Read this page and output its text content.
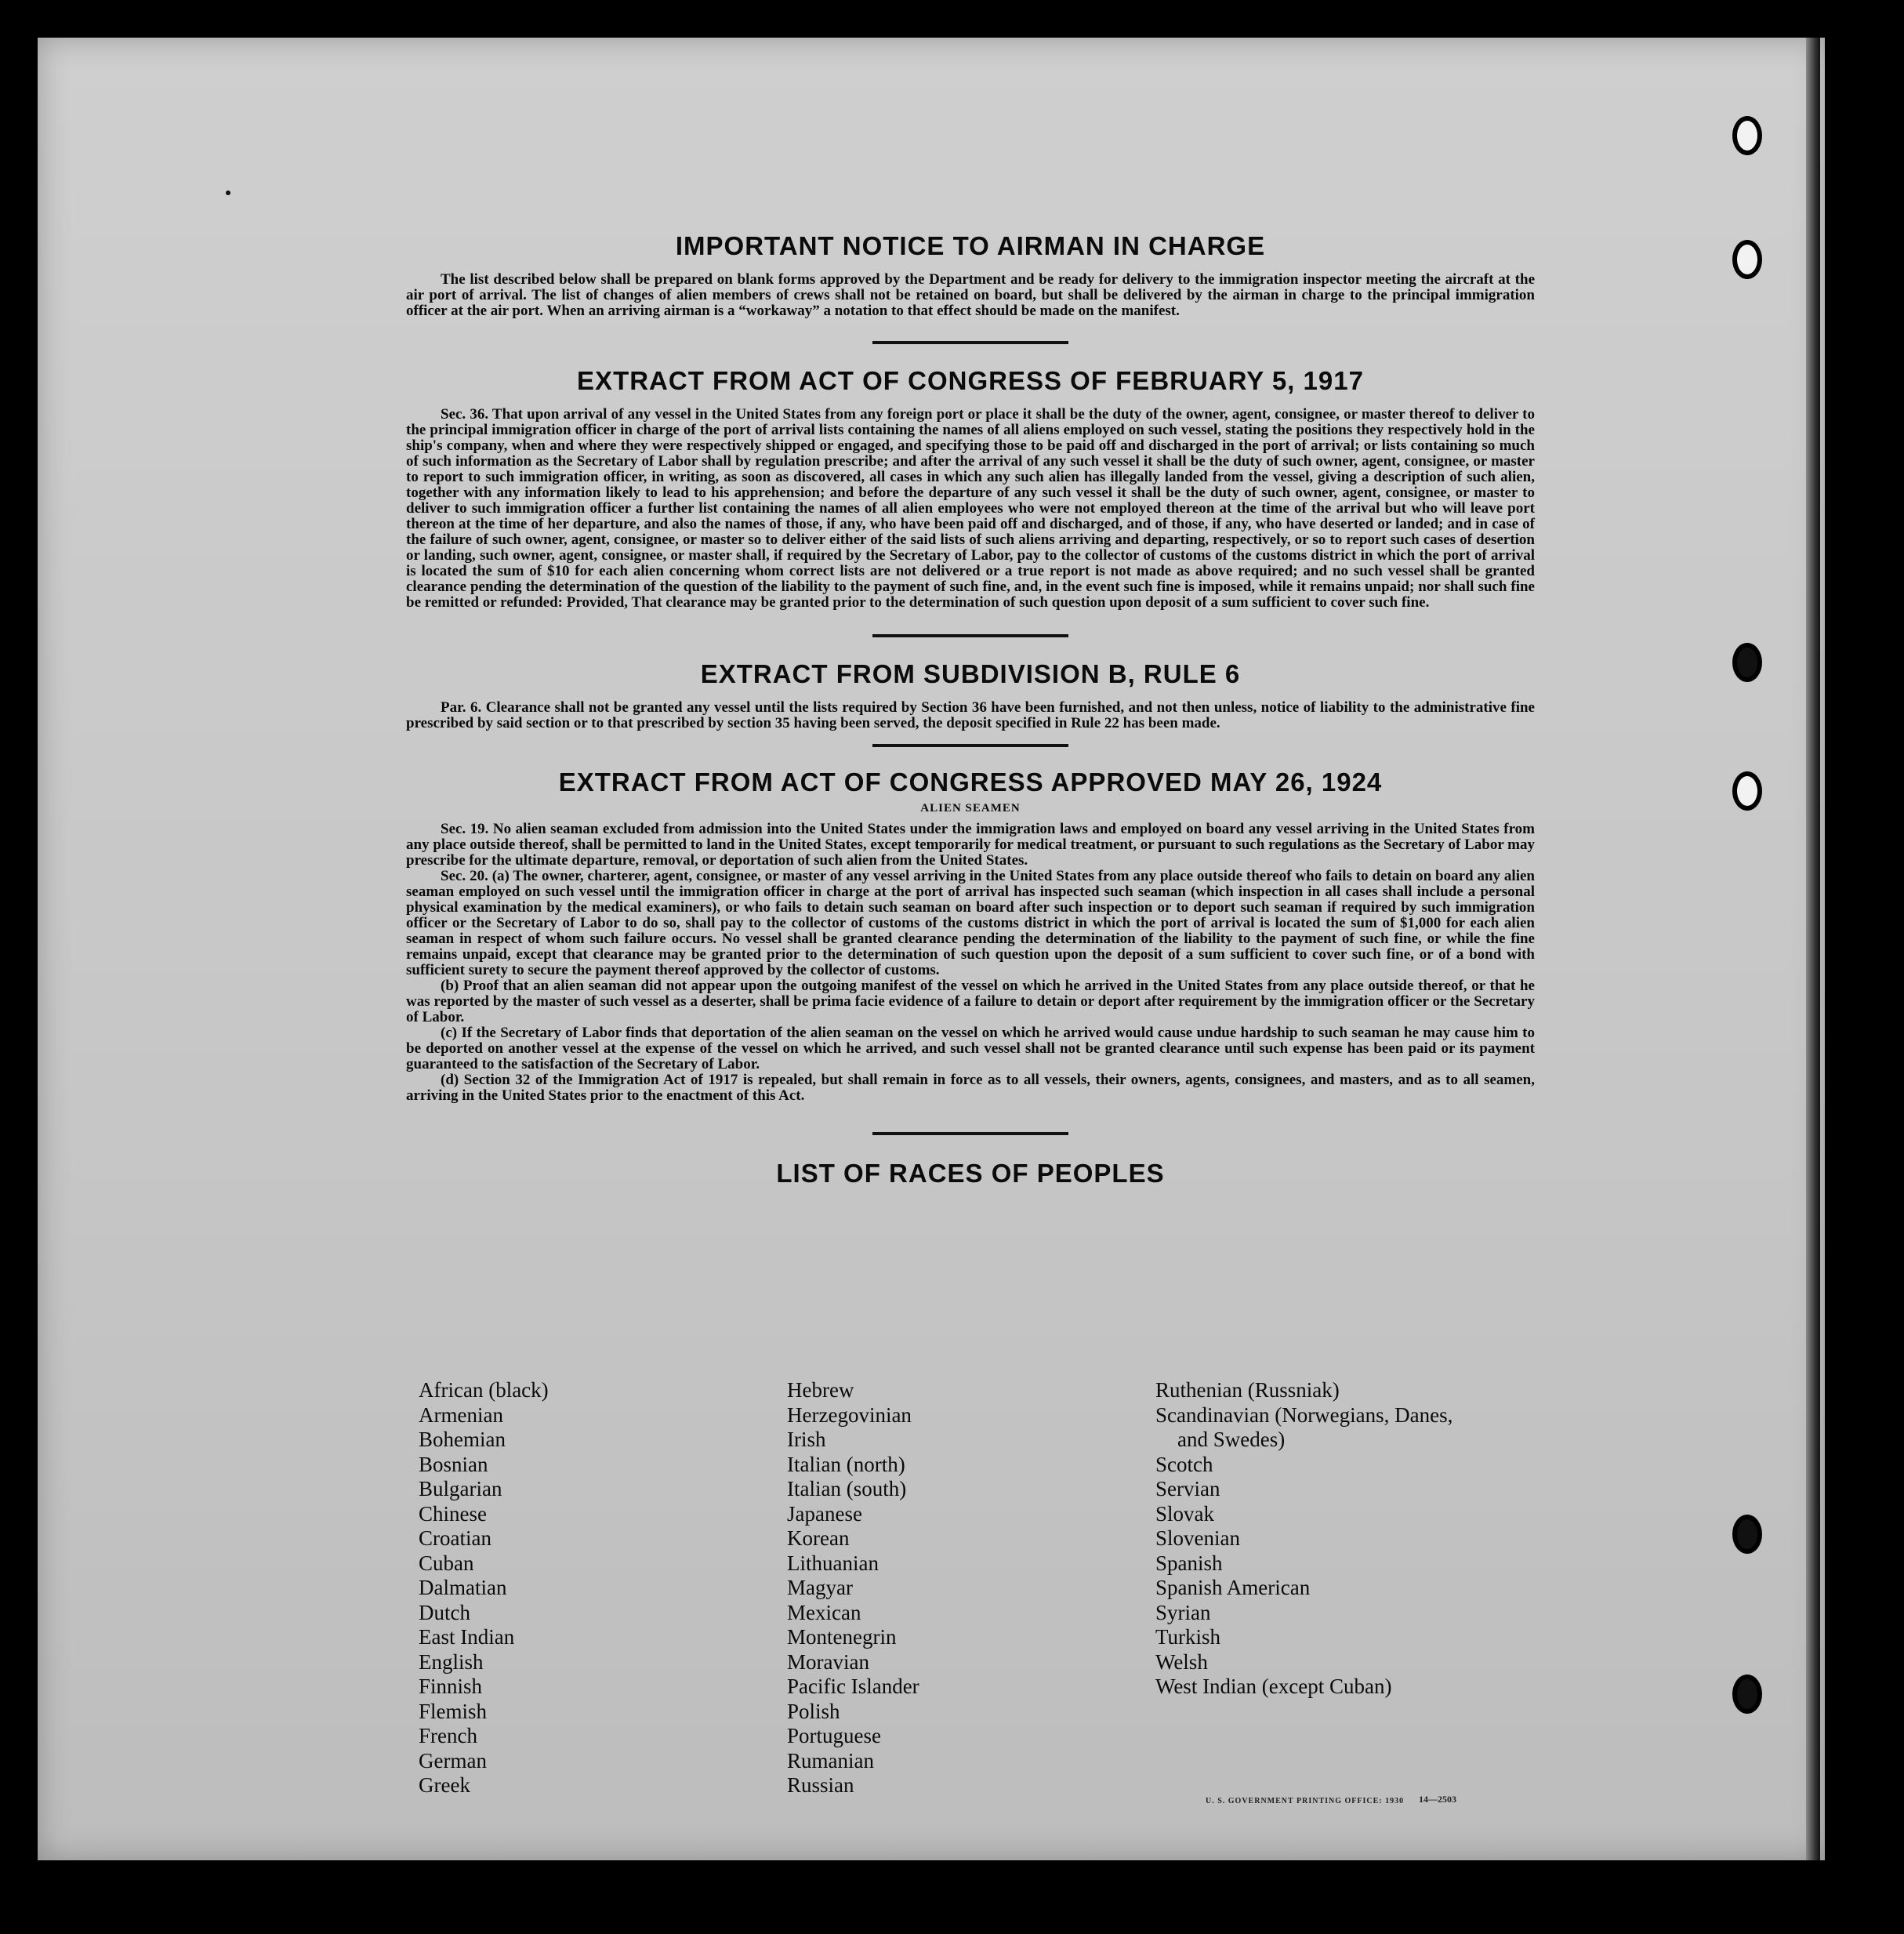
IMPORTANT NOTICE TO AIRMAN IN CHARGE

The list described below shall be prepared on blank forms approved by the Department and be ready for delivery to the immigration inspector meeting the aircraft at the air port of arrival. The list of changes of alien members of crews shall not be retained on board, but shall be delivered by the airman in charge to the principal immigration officer at the air port. When an arriving airman is a “workaway” a notation to that effect should be made on the manifest.

EXTRACT FROM ACT OF CONGRESS OF FEBRUARY 5, 1917

Sec. 36. That upon arrival of any vessel in the United States from any foreign port or place it shall be the duty of the owner, agent, consignee, or master thereof to deliver to the principal immigration officer in charge of the port of arrival lists containing the names of all aliens employed on such vessel, stating the positions they respectively hold in the ship's company, when and where they were respectively shipped or engaged, and specifying those to be paid off and discharged in the port of arrival; or lists containing so much of such information as the Secretary of Labor shall by regulation prescribe; and after the arrival of any such vessel it shall be the duty of such owner, agent, consignee, or master to report to such immigration officer, in writing, as soon as discovered, all cases in which any such alien has illegally landed from the vessel, giving a description of such alien, together with any information likely to lead to his apprehension; and before the departure of any such vessel it shall be the duty of such owner, agent, consignee, or master to deliver to such immigration officer a further list containing the names of all alien employees who were not employed thereon at the time of the arrival but who will leave port thereon at the time of her departure, and also the names of those, if any, who have been paid off and discharged, and of those, if any, who have deserted or landed; and in case of the failure of such owner, agent, consignee, or master so to deliver either of the said lists of such aliens arriving and departing, respectively, or so to report such cases of desertion or landing, such owner, agent, consignee, or master shall, if required by the Secretary of Labor, pay to the collector of customs of the customs district in which the port of arrival is located the sum of $10 for each alien concerning whom correct lists are not delivered or a true report is not made as above required; and no such vessel shall be granted clearance pending the determination of the question of the liability to the payment of such fine, and, in the event such fine is imposed, while it remains unpaid; nor shall such fine be remitted or refunded: Provided, That clearance may be granted prior to the determination of such question upon deposit of a sum sufficient to cover such fine.

EXTRACT FROM SUBDIVISION B, RULE 6

Par. 6. Clearance shall not be granted any vessel until the lists required by Section 36 have been furnished, and not then unless, notice of liability to the administrative fine prescribed by said section or to that prescribed by section 35 having been served, the deposit specified in Rule 22 has been made.

EXTRACT FROM ACT OF CONGRESS APPROVED MAY 26, 1924
ALIEN SEAMEN

Sec. 19. No alien seaman excluded from admission into the United States under the immigration laws and employed on board any vessel arriving in the United States from any place outside thereof, shall be permitted to land in the United States, except temporarily for medical treatment, or pursuant to such regulations as the Secretary of Labor may prescribe for the ultimate departure, removal, or deportation of such alien from the United States.

Sec. 20. (a) The owner, charterer, agent, consignee, or master of any vessel arriving in the United States from any place outside thereof who fails to detain on board any alien seaman employed on such vessel until the immigration officer in charge at the port of arrival has inspected such seaman (which inspection in all cases shall include a personal physical examination by the medical examiners), or who fails to detain such seaman on board after such inspection or to deport such seaman if required by such immigration officer or the Secretary of Labor to do so, shall pay to the collector of customs of the customs district in which the port of arrival is located the sum of $1,000 for each alien seaman in respect of whom such failure occurs. No vessel shall be granted clearance pending the determination of the liability to the payment of such fine, or while the fine remains unpaid, except that clearance may be granted prior to the determination of such question upon the deposit of a sum sufficient to cover such fine, or of a bond with sufficient surety to secure the payment thereof approved by the collector of customs.

(b) Proof that an alien seaman did not appear upon the outgoing manifest of the vessel on which he arrived in the United States from any place outside thereof, or that he was reported by the master of such vessel as a deserter, shall be prima facie evidence of a failure to detain or deport after requirement by the immigration officer or the Secretary of Labor.

(c) If the Secretary of Labor finds that deportation of the alien seaman on the vessel on which he arrived would cause undue hardship to such seaman he may cause him to be deported on another vessel at the expense of the vessel on which he arrived, and such vessel shall not be granted clearance until such expense has been paid or its payment guaranteed to the satisfaction of the Secretary of Labor.

(d) Section 32 of the Immigration Act of 1917 is repealed, but shall remain in force as to all vessels, their owners, agents, consignees, and masters, and as to all seamen, arriving in the United States prior to the enactment of this Act.

LIST OF RACES OF PEOPLES
African (black)
Armenian
Bohemian
Bosnian
Bulgarian
Chinese
Croatian
Cuban
Dalmatian
Dutch
East Indian
English
Finnish
Flemish
French
German
Greek
Hebrew
Herzegovinian
Irish
Italian (north)
Italian (south)
Japanese
Korean
Lithuanian
Magyar
Mexican
Montenegrin
Moravian
Pacific Islander
Polish
Portuguese
Rumanian
Russian
Ruthenian (Russniak)
Scandinavian (Norwegians, Danes,
and Swedes)
Scotch
Servian
Slovak
Slovenian
Spanish
Spanish American
Syrian
Turkish
Welsh
West Indian (except Cuban)
U. S. GOVERNMENT PRINTING OFFICE: 1930 14—2503
